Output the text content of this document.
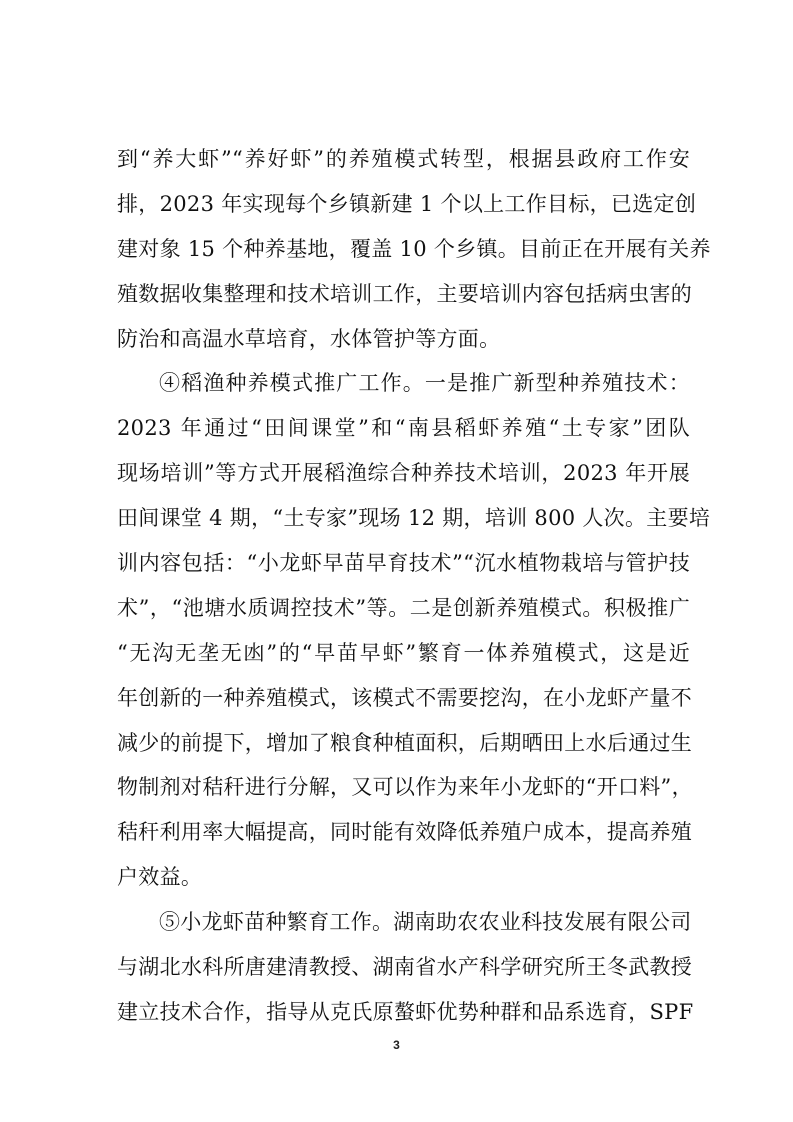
到“养大虾”“养好虾”的养殖模式转型，根据县政府工作安
排，2023 年实现每个乡镇新建 1 个以上工作目标，已选定创
建对象 15 个种养基地，覆盖 10 个乡镇。目前正在开展有关养
殖数据收集整理和技术培训工作，主要培训内容包括病虫害的
防治和高温水草培育，水体管护等方面。
④稻渔种养模式推广工作。一是推广新型种养殖技术：
2023 年通过“田间课堂”和“南县稻虾养殖“土专家”团队
现场培训”等方式开展稻渔综合种养技术培训，2023 年开展
田间课堂 4 期，“土专家”现场 12 期，培训 800 人次。主要培
训内容包括：“小龙虾早苗早育技术”“沉水植物栽培与管护技
术”，“池塘水质调控技术”等。二是创新养殖模式。积极推广
“无沟无垄无凼”的“早苗早虾”繁育一体养殖模式，这是近
年创新的一种养殖模式，该模式不需要挖沟，在小龙虾产量不
减少的前提下，增加了粮食种植面积，后期晒田上水后通过生
物制剂对秸秆进行分解，又可以作为来年小龙虾的“开口料”，
秸秆利用率大幅提高，同时能有效降低养殖户成本，提高养殖
户效益。
⑤小龙虾苗种繁育工作。湖南助农农业科技发展有限公司
与湖北水科所唐建清教授、湖南省水产科学研究所王冬武教授
建立技术合作，指导从克氏原螯虾优势种群和品系选育，SPF
3
